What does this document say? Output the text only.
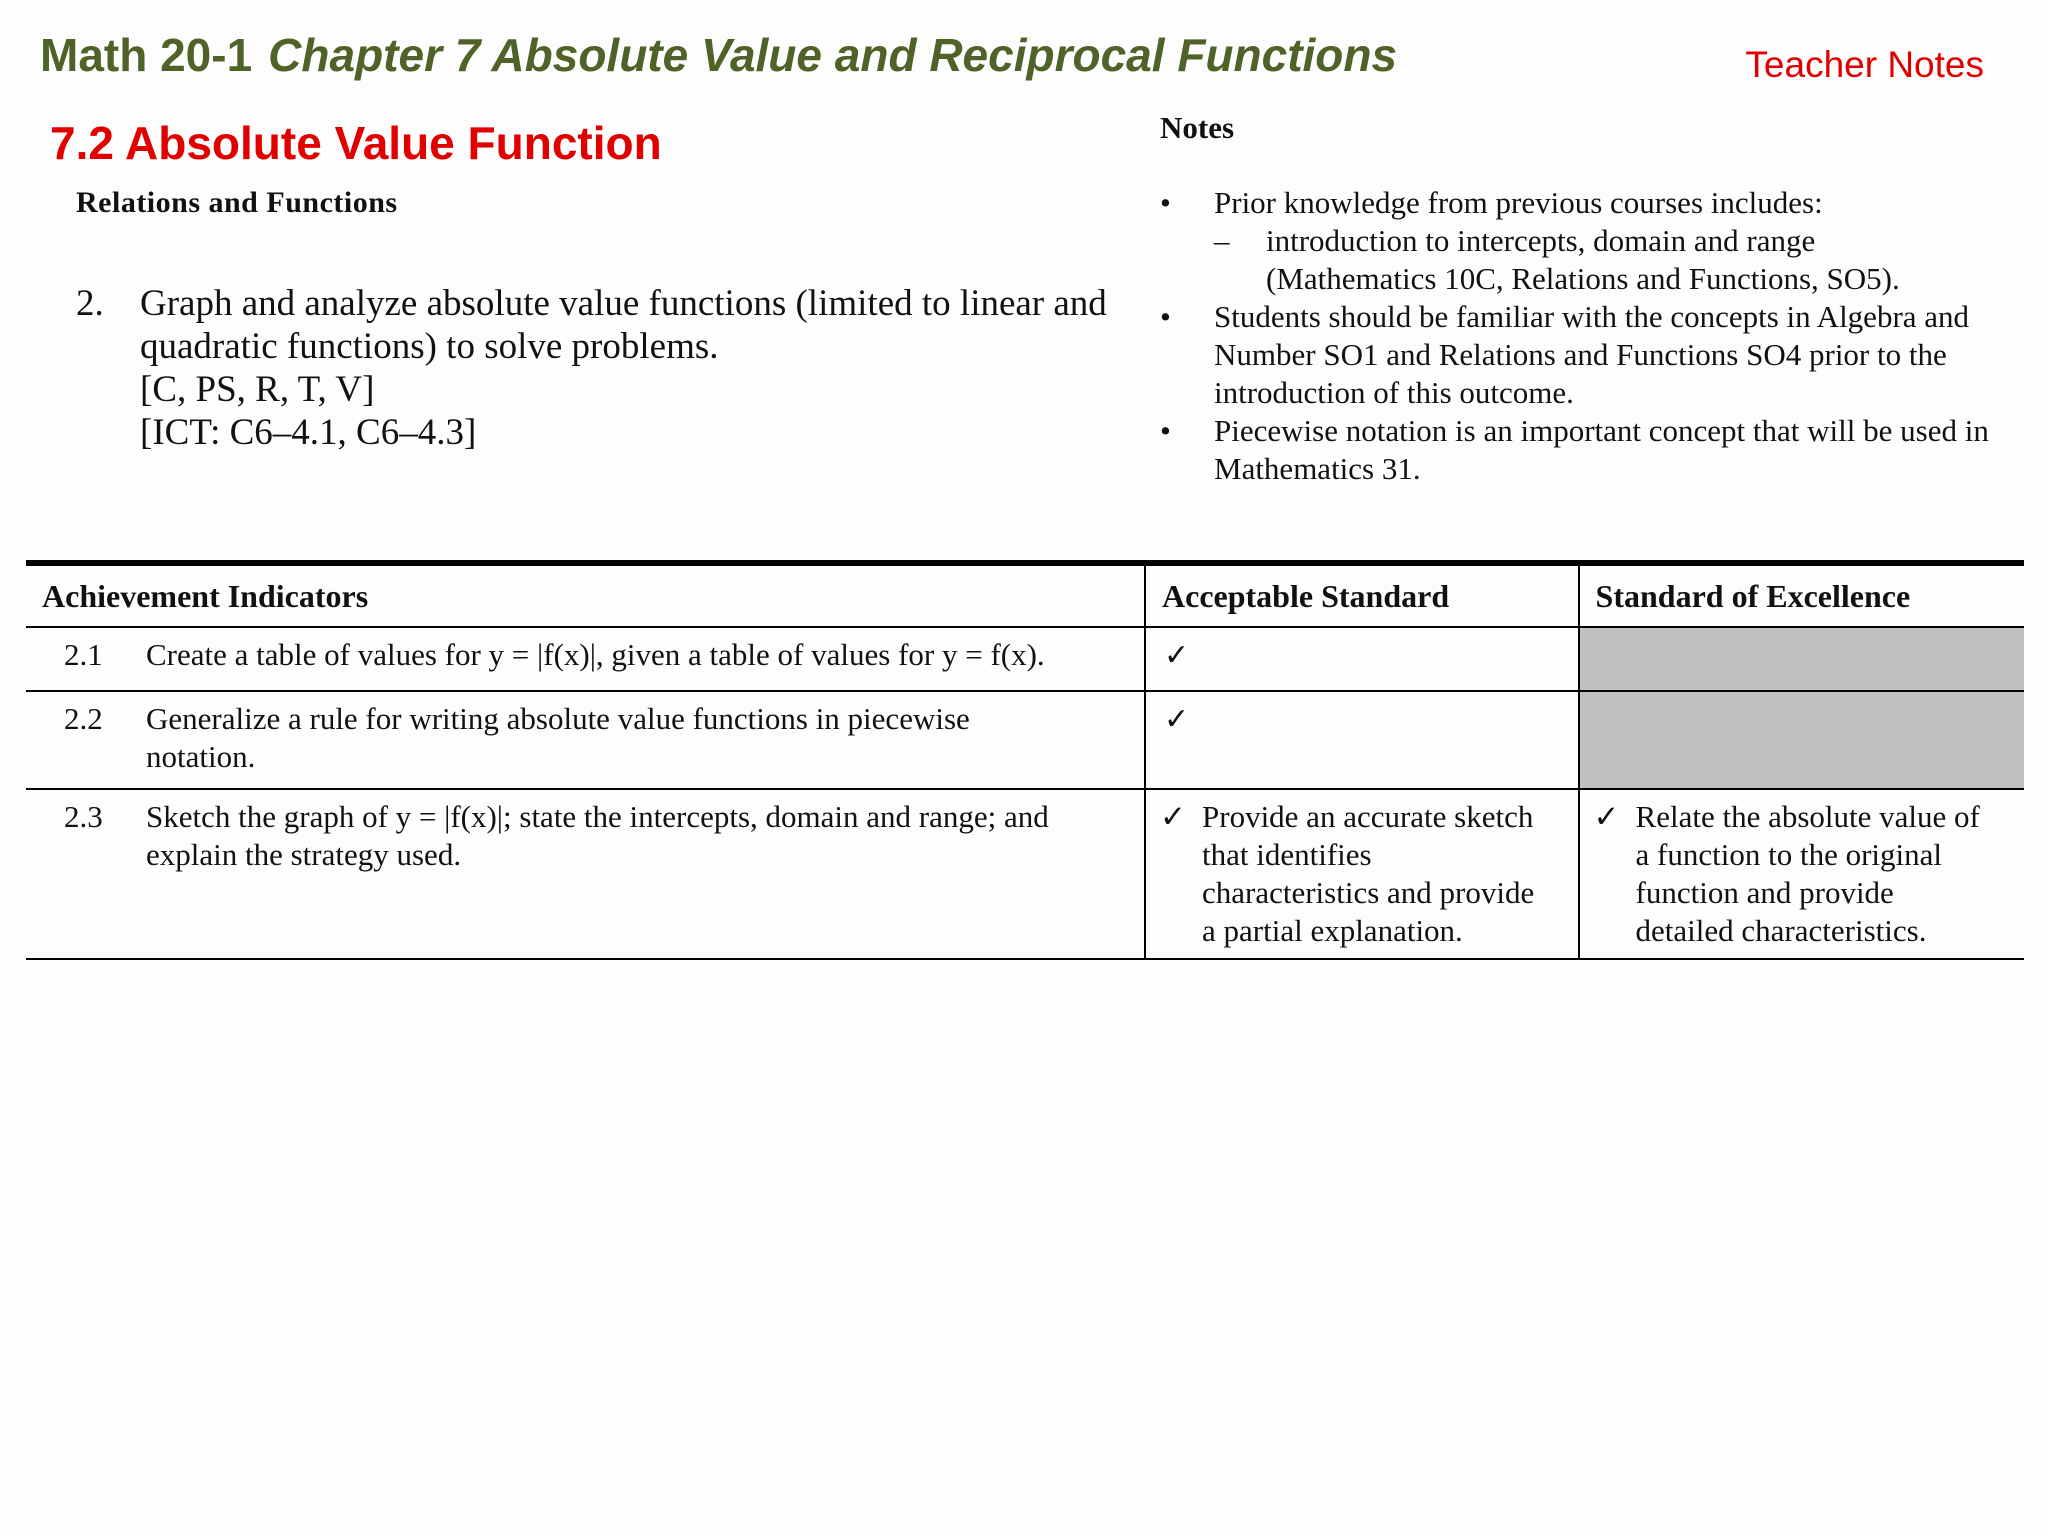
Math 20-1 Chapter 7 Absolute Value and Reciprocal Functions	Teacher Notes
7.2 Absolute Value Function
Relations and Functions
2. Graph and analyze absolute value functions (limited to linear and
quadratic functions) to solve problems.
[C, PS, R, T, V]
[ICT: C6–4.1, C6–4.3]
Notes
•	Prior knowledge from previous courses includes:
–	introduction to intercepts, domain and range
(Mathematics 10C, Relations and Functions, SO5).
•	Students should be familiar with the concepts in Algebra and
Number SO1 and Relations and Functions SO4 prior to the
introduction of this outcome.
•	Piecewise notation is an important concept that will be used in
Mathematics 31.
Achievement Indicators	Acceptable Standard	Standard of Excellence

2.1 Create a table of values for y = |f(x)|, given a table of values for y = f(x).	✓	

2.2 Generalize a rule for writing absolute value functions in piecewise
notation.	✓	

2.3 Sketch the graph of y = |f(x)|; state the intercepts, domain and range; and
explain the strategy used.	✓ Provide an accurate sketch
that identifies
characteristics and provide
a partial explanation.	✓ Relate the absolute value of
a function to the original
function and provide
detailed characteristics.
